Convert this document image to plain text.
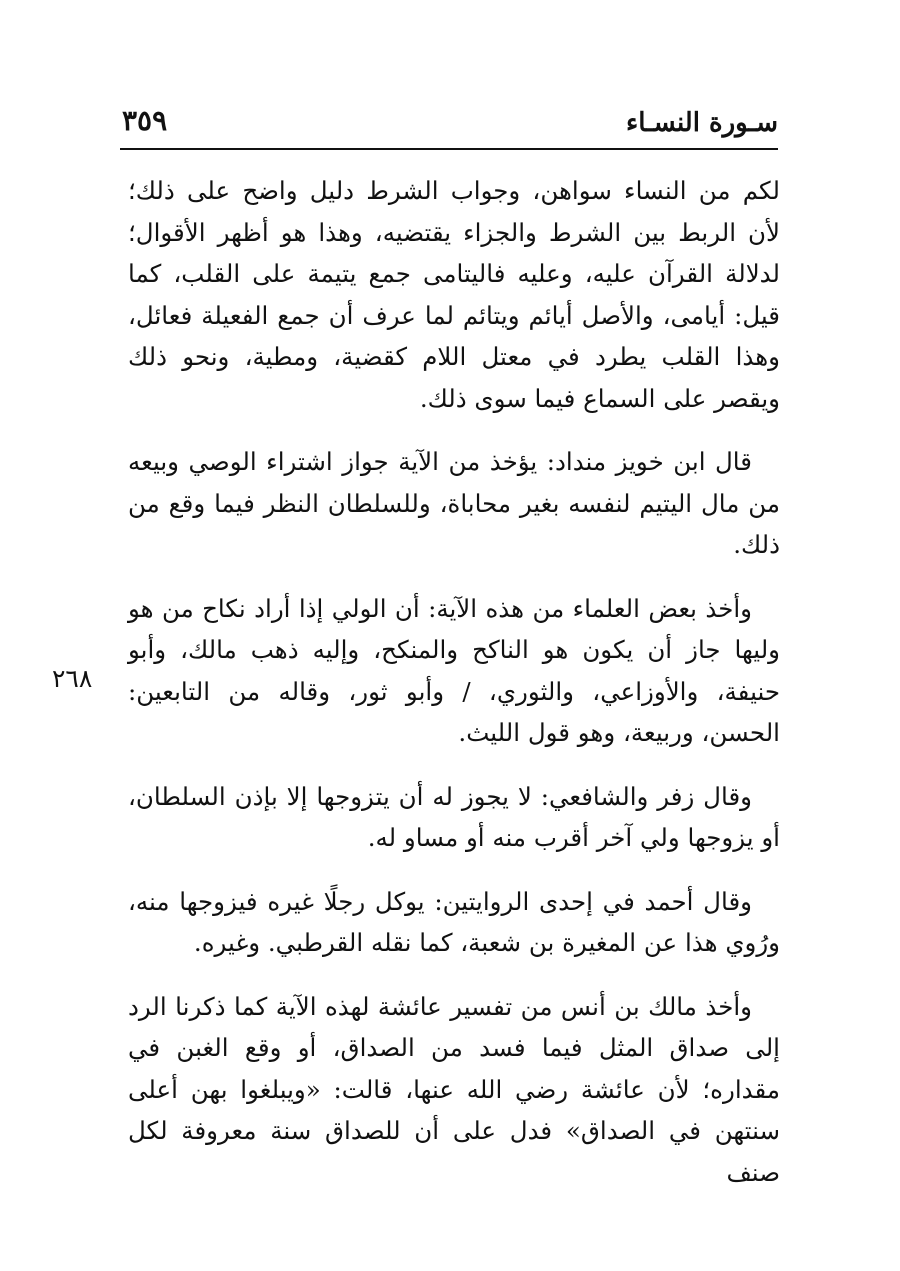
سـورة النسـاء
٣٥٩
٢٦٨

لكم من النساء سواهن، وجواب الشرط دليل واضح على ذلك؛ لأن الربط بين الشرط والجزاء يقتضيه، وهذا هو أظهر الأقوال؛ لدلالة القرآن عليه، وعليه فاليتامى جمع يتيمة على القلب، كما قيل: أيامى، والأصل أيائم ويتائم لما عرف أن جمع الفعيلة فعائل، وهذا القلب يطرد في معتل اللام كقضية، ومطية، ونحو ذلك ويقصر على السماع فيما سوى ذلك.

قال ابن خويز منداد: يؤخذ من الآية جواز اشتراء الوصي وبيعه من مال اليتيم لنفسه بغير محاباة، وللسلطان النظر فيما وقع من ذلك.

وأخذ بعض العلماء من هذه الآية: أن الولي إذا أراد نكاح من هو وليها جاز أن يكون هو الناكح والمنكح، وإليه ذهب مالك، وأبو حنيفة، والأوزاعي، والثوري، / وأبو ثور، وقاله من التابعين: الحسن، وربيعة، وهو قول الليث.

وقال زفر والشافعي: لا يجوز له أن يتزوجها إلا بإذن السلطان، أو يزوجها ولي آخر أقرب منه أو مساو له.

وقال أحمد في إحدى الروايتين: يوكل رجلًا غيره فيزوجها منه، ورُوي هذا عن المغيرة بن شعبة، كما نقله القرطبي. وغيره.

وأخذ مالك بن أنس من تفسير عائشة لهذه الآية كما ذكرنا الرد إلى صداق المثل فيما فسد من الصداق، أو وقع الغبن في مقداره؛ لأن عائشة رضي الله عنها، قالت: «ويبلغوا بهن أعلى سنتهن في الصداق» فدل على أن للصداق سنة معروفة لكل صنف
